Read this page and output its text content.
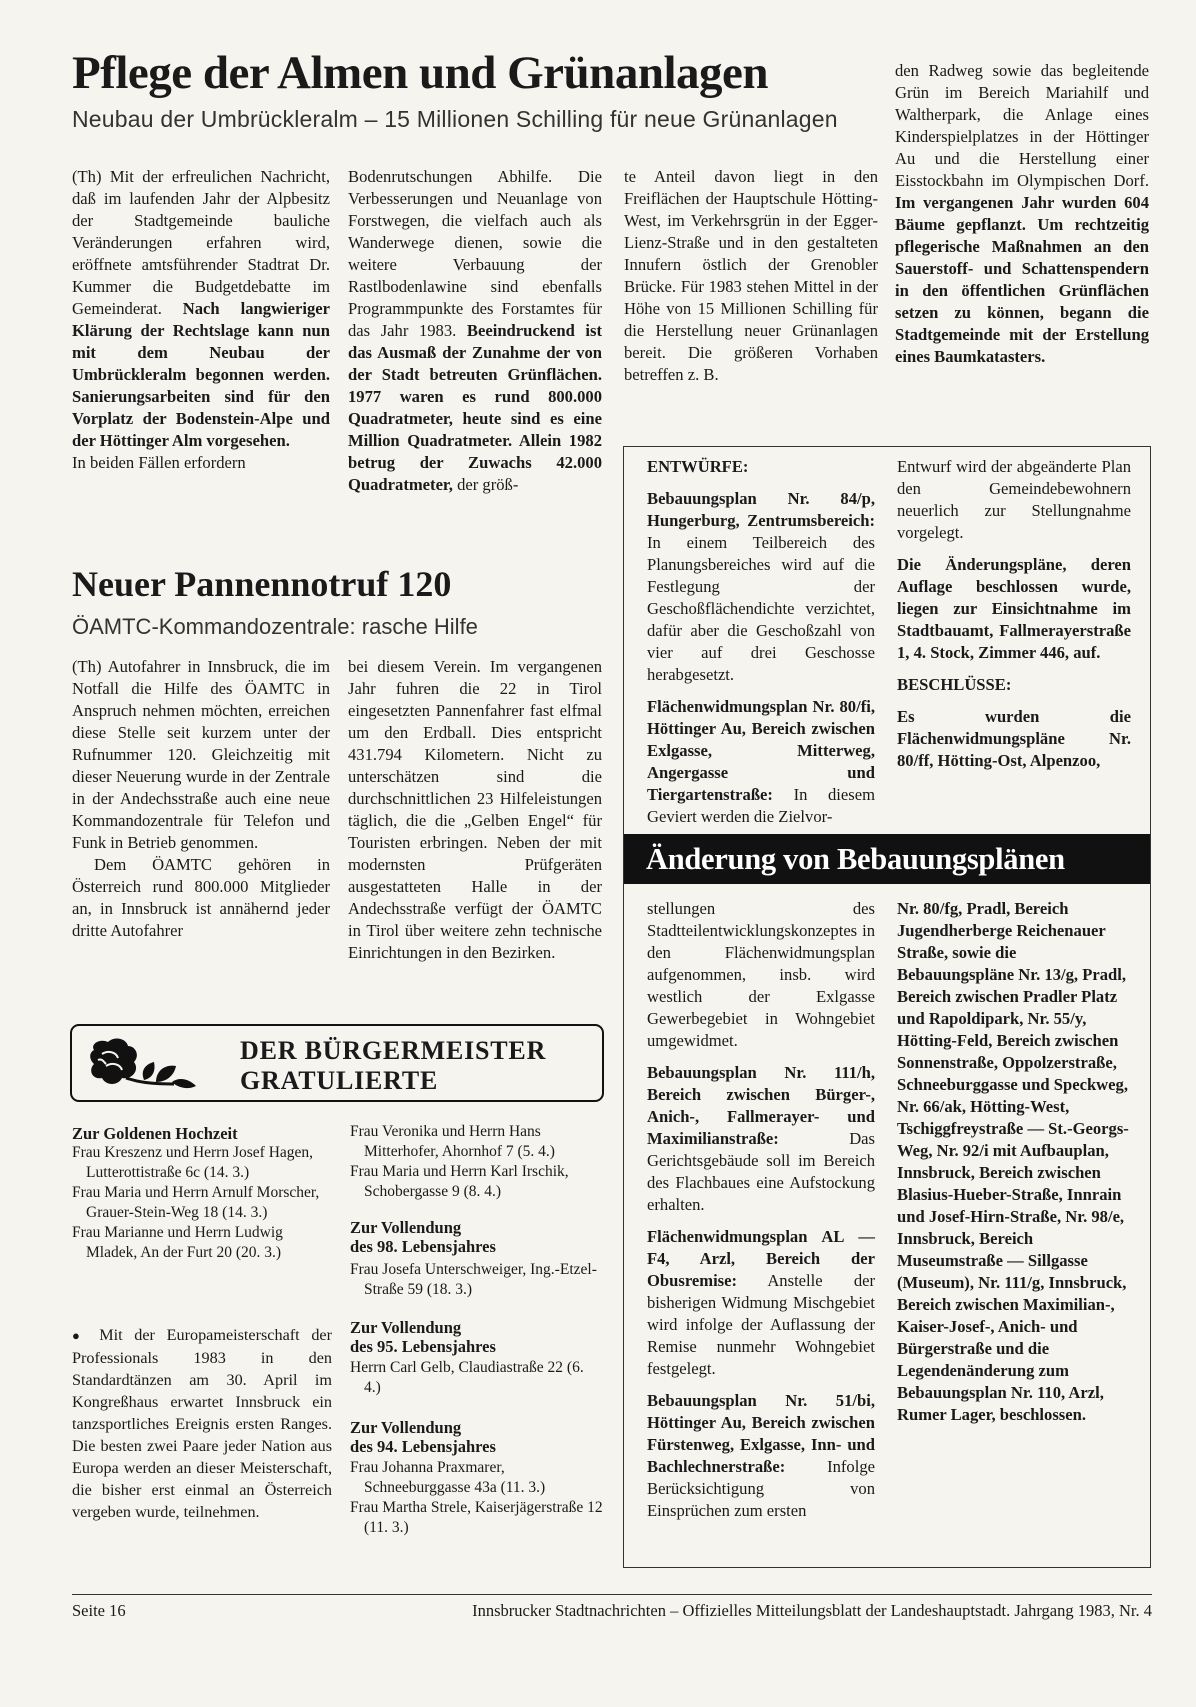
Pflege der Almen und Grünanlagen
Neubau der Umbrückleralm – 15 Millionen Schilling für neue Grünanlagen
(Th) Mit der erfreulichen Nachricht, daß im laufenden Jahr der Alpbesitz der Stadtgemeinde bauliche Veränderungen erfahren wird, eröffnete amtsführender Stadtrat Dr. Kummer die Budgetdebatte im Gemeinderat. Nach langwieriger Klärung der Rechtslage kann nun mit dem Neubau der Umbrückleralm begonnen werden. Sanierungsarbeiten sind für den Vorplatz der Bodenstein-Alpe und der Höttinger Alm vorgesehen.

In beiden Fällen erfordern

Bodenrutschungen Abhilfe. Die Verbesserungen und Neuanlage von Forstwegen, die vielfach auch als Wanderwege dienen, sowie die weitere Verbauung der Rastlbodenlawine sind ebenfalls Programmpunkte des Forstamtes für das Jahr 1983. Beeindruckend ist das Ausmaß der Zunahme der von der Stadt betreuten Grünflächen. 1977 waren es rund 800.000 Quadratmeter, heute sind es eine Million Quadratmeter. Allein 1982 betrug der Zuwachs 42.000 Quadratmeter, der größ-
te Anteil davon liegt in den Freiflächen der Hauptschule Hötting-West, im Verkehrsgrün in der Egger-Lienz-Straße und in den gestalteten Innufern östlich der Grenobler Brücke. Für 1983 stehen Mittel in der Höhe von 15 Millionen Schilling für die Herstellung neuer Grünanlagen bereit. Die größeren Vorhaben betreffen z. B.
den Radweg sowie das begleitende Grün im Bereich Mariahilf und Waltherpark, die Anlage eines Kinderspielplatzes in der Höttinger Au und die Herstellung einer Eisstockbahn im Olympischen Dorf. Im vergangenen Jahr wurden 604 Bäume gepflanzt. Um rechtzeitig pflegerische Maßnahmen an den Sauerstoff- und Schattenspendern in den öffentlichen Grünflächen setzen zu können, begann die Stadtgemeinde mit der Erstellung eines Baumkatasters.
Neuer Pannennotruf 120
ÖAMTC-Kommandozentrale: rasche Hilfe

(Th) Autofahrer in Innsbruck, die im Notfall die Hilfe des ÖAMTC in Anspruch nehmen möchten, erreichen diese Stelle seit kurzem unter der Rufnummer 120. Gleichzeitig mit dieser Neuerung wurde in der Zentrale in der Andechsstraße auch eine neue Kommandozentrale für Telefon und Funk in Betrieb genommen.

Dem ÖAMTC gehören in Österreich rund 800.000 Mitglieder an, in Innsbruck ist annähernd jeder dritte Autofahrer

bei diesem Verein. Im vergangenen Jahr fuhren die 22 in Tirol eingesetzten Pannenfahrer fast elfmal um den Erdball. Dies entspricht 431.794 Kilometern. Nicht zu unterschätzen sind die durchschnittlichen 23 Hilfeleistungen täglich, die die „Gelben Engel“ für Touristen erbringen. Neben der mit modernsten Prüfgeräten ausgestatteten Halle in der Andechsstraße verfügt der ÖAMTC in Tirol über weitere zehn technische Einrichtungen in den Bezirken.

DER BÜRGERMEISTER
GRATULIERTE
Zur Goldenen Hochzeit

Frau Kreszenz und Herrn Josef Hagen, Lutterottistraße 6c (14. 3.)

Frau Maria und Herrn Arnulf Morscher, Grauer-Stein-Weg 18 (14. 3.)

Frau Marianne und Herrn Ludwig Mladek, An der Furt 20 (20. 3.)

● Mit der Europameisterschaft der Professionals 1983 in den Standardtänzen am 30. April im Kongreßhaus erwartet Innsbruck ein tanzsportliches Ereignis ersten Ranges. Die besten zwei Paare jeder Nation aus Europa werden an dieser Meisterschaft, die bisher erst einmal an Österreich vergeben wurde, teilnehmen.

Frau Veronika und Herrn Hans Mitterhofer, Ahornhof 7 (5. 4.)

Frau Maria und Herrn Karl Irschik, Schobergasse 9 (8. 4.)

Zur Vollendung
des 98. Lebensjahres

Frau Josefa Unterschweiger, Ing.-Etzel-Straße 59 (18. 3.)

Zur Vollendung
des 95. Lebensjahres

Herrn Carl Gelb, Claudiastraße 22 (6. 4.)

Zur Vollendung
des 94. Lebensjahres

Frau Johanna Praxmarer, Schneeburggasse 43a (11. 3.)

Frau Martha Strele, Kaiserjägerstraße 12 (11. 3.)

Änderung von Bebauungsplänen
ENTWÜRFE:
Bebauungsplan Nr. 84/p, Hungerburg, Zentrumsbereich: In einem Teilbereich des Planungsbereiches wird auf die Festlegung der Geschoßflächendichte verzichtet, dafür aber die Geschoßzahl von vier auf drei Geschosse herabgesetzt.
Flächenwidmungsplan Nr. 80/fi, Höttinger Au, Bereich zwischen Exlgasse, Mitterweg, Angergasse und Tiergartenstraße: In diesem Geviert werden die Zielvor-
Entwurf wird der abgeänderte Plan den Gemeindebewohnern neuerlich zur Stellungnahme vorgelegt.
Die Änderungspläne, deren Auflage beschlossen wurde, liegen zur Einsichtnahme im Stadtbauamt, Fallmerayerstraße 1, 4. Stock, Zimmer 446, auf.
BESCHLÜSSE:
Es wurden die Flächenwidmungspläne Nr. 80/ff, Hötting-Ost, Alpenzoo,
stellungen des Stadtteilentwicklungskonzeptes in den Flächenwidmungsplan aufgenommen, insb. wird westlich der Exlgasse Gewerbegebiet in Wohngebiet umgewidmet.
Bebauungsplan Nr. 111/h, Bereich zwischen Bürger-, Anich-, Fallmerayer- und Maximilianstraße:	Das Gerichtsgebäude soll im Bereich des Flachbaues eine Aufstockung erhalten.
Flächenwidmungsplan AL — F4, Arzl, Bereich der Obusremise: Anstelle der bisherigen Widmung Mischgebiet wird infolge der Auflassung der Remise nunmehr Wohngebiet festgelegt.
Bebauungsplan Nr. 51/bi, Höttinger Au, Bereich zwischen Fürstenweg, Exlgasse, Inn- und Bachlechnerstraße:	Infolge Berücksichtigung von Einsprüchen zum ersten
Nr. 80/fg, Pradl, Bereich Jugendherberge Reichenauer Straße, sowie die Bebauungspläne Nr. 13/g, Pradl, Bereich zwischen Pradler Platz und Rapoldipark, Nr. 55/y, Hötting-Feld, Bereich zwischen Sonnenstraße, Oppolzerstraße, Schneeburggasse und Speckweg, Nr. 66/ak, Hötting-West, Tschiggfreystraße — St.-Georgs-Weg, Nr. 92/i mit Aufbauplan, Innsbruck, Bereich zwischen Blasius-Hueber-Straße, Innrain und Josef-Hirn-Straße, Nr. 98/e, Innsbruck, Bereich Museumstraße — Sillgasse (Museum), Nr. 111/g, Innsbruck, Bereich zwischen Maximilian-, Kaiser-Josef-, Anich- und Bürgerstraße und die Legendenänderung zum Bebauungsplan Nr. 110, Arzl, Rumer Lager, beschlossen.
Seite 16	Innsbrucker Stadtnachrichten – Offizielles Mitteilungsblatt der Landeshauptstadt. Jahrgang 1983, Nr. 4
